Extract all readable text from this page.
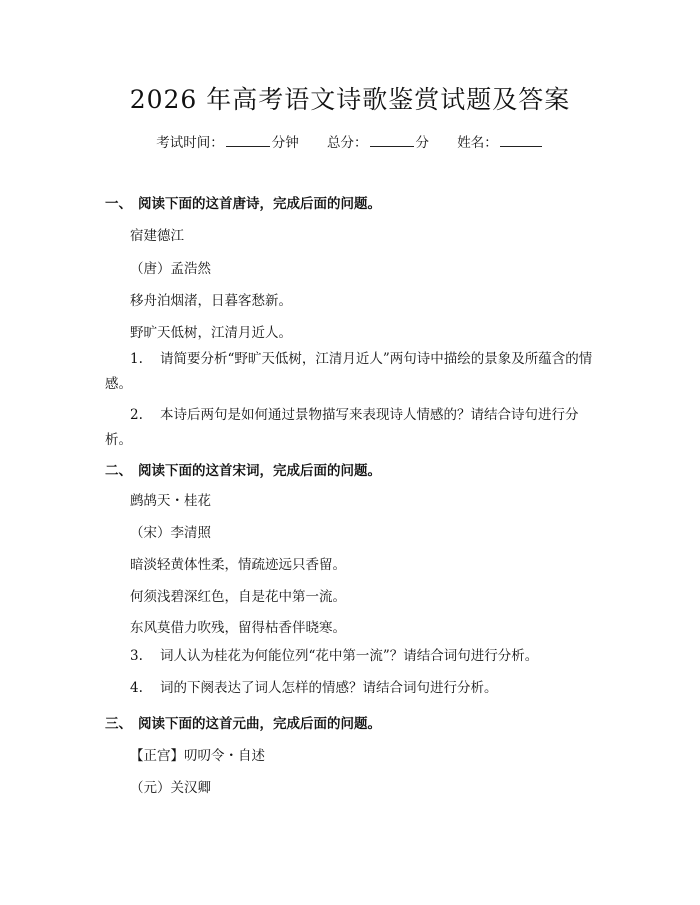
2026 年高考语文诗歌鉴赏试题及答案
考试时间：	分钟 总分：	分 姓名：
一、 阅读下面的这首唐诗，完成后面的问题。
宿建德江
（唐）孟浩然
移舟泊烟渚，日暮客愁新。
野旷天低树，江清月近人。
1. 请简要分析“野旷天低树，江清月近人”两句诗中描绘的景象及所蕴含的情感。
2. 本诗后两句是如何通过景物描写来表现诗人情感的？请结合诗句进行分析。
二、 阅读下面的这首宋词，完成后面的问题。
鹧鸪天・桂花
（宋）李清照
暗淡轻黄体性柔，情疏迹远只香留。
何须浅碧深红色，自是花中第一流。
东风莫借力吹残，留得枯香伴晓寒。
3. 词人认为桂花为何能位列“花中第一流”？请结合词句进行分析。
4. 词的下阕表达了词人怎样的情感？请结合词句进行分析。
三、 阅读下面的这首元曲，完成后面的问题。
【正宫】叨叨令・自述
（元）关汉卿
